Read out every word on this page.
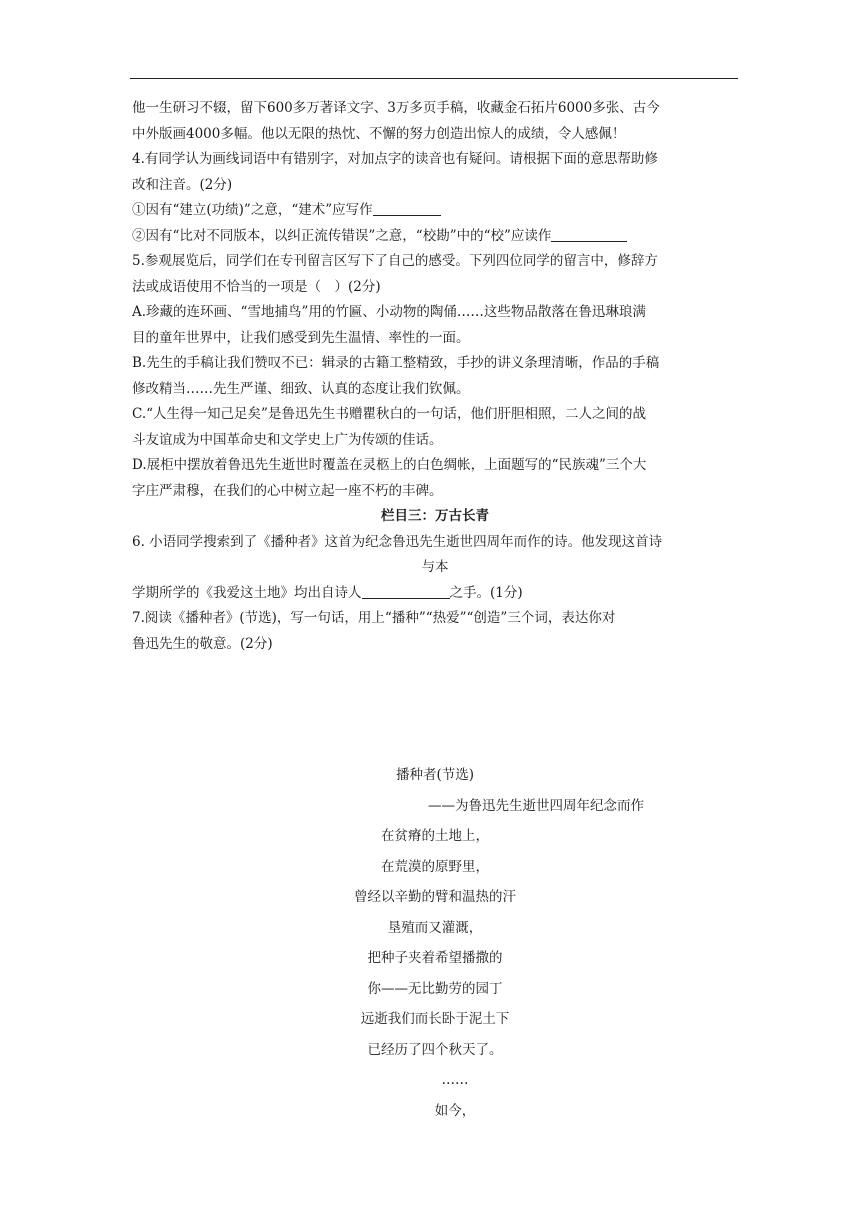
他一生研习不辍，留下600多万著译文字、3万多页手稿，收藏金石拓片6000多张、古今
中外版画4000多幅。他以无限的热忱、不懈的努力创造出惊人的成绩，令人感佩！
4.有同学认为画线词语中有错别字，对加点字的读音也有疑问。请根据下面的意思帮助修
改和注音。(2分)
①因有“建立(功绩)”之意，“建术”应写作
②因有“比对不同版本，以纠正流传错误”之意，“校勘”中的“校”应读作
5.参观展览后，同学们在专刊留言区写下了自己的感受。下列四位同学的留言中，修辞方
法或成语使用不恰当的一项是（　）(2分)
A.珍藏的连环画、“雪地捕鸟”用的竹匾、小动物的陶俑……这些物品散落在鲁迅琳琅满
目的童年世界中，让我们感受到先生温情、率性的一面。
B.先生的手稿让我们赞叹不已：辑录的古籍工整精致，手抄的讲义条理清晰，作品的手稿
修改精当……先生严谨、细致、认真的态度让我们钦佩。
C.“人生得一知己足矣”是鲁迅先生书赠瞿秋白的一句话，他们肝胆相照，二人之间的战
斗友谊成为中国革命史和文学史上广为传颂的佳话。
D.展柜中摆放着鲁迅先生逝世时覆盖在灵柩上的白色绸帐，上面题写的“民族魂”三个大
字庄严肃穆，在我们的心中树立起一座不朽的丰碑。
栏目三：万古长青
6. 小语同学搜索到了《播种者》这首为纪念鲁迅先生逝世四周年而作的诗。他发现这首诗
与本
学期所学的《我爱这土地》均出自诗人	之手。(1分)
7.阅读《播种者》(节选)，写一句话，用上“播种”“热爱”“创造”三个词，表达你对
鲁迅先生的敬意。(2分)
播种者(节选)
——为鲁迅先生逝世四周年纪念而作
在贫瘠的土地上，
在荒漠的原野里，
曾经以辛勤的臂和温热的汗
垦殖而又灌溉，
把种子夹着希望播撒的
你——无比勤劳的园丁
远逝我们而长卧于泥土下
已经历了四个秋天了。
……
如今，
